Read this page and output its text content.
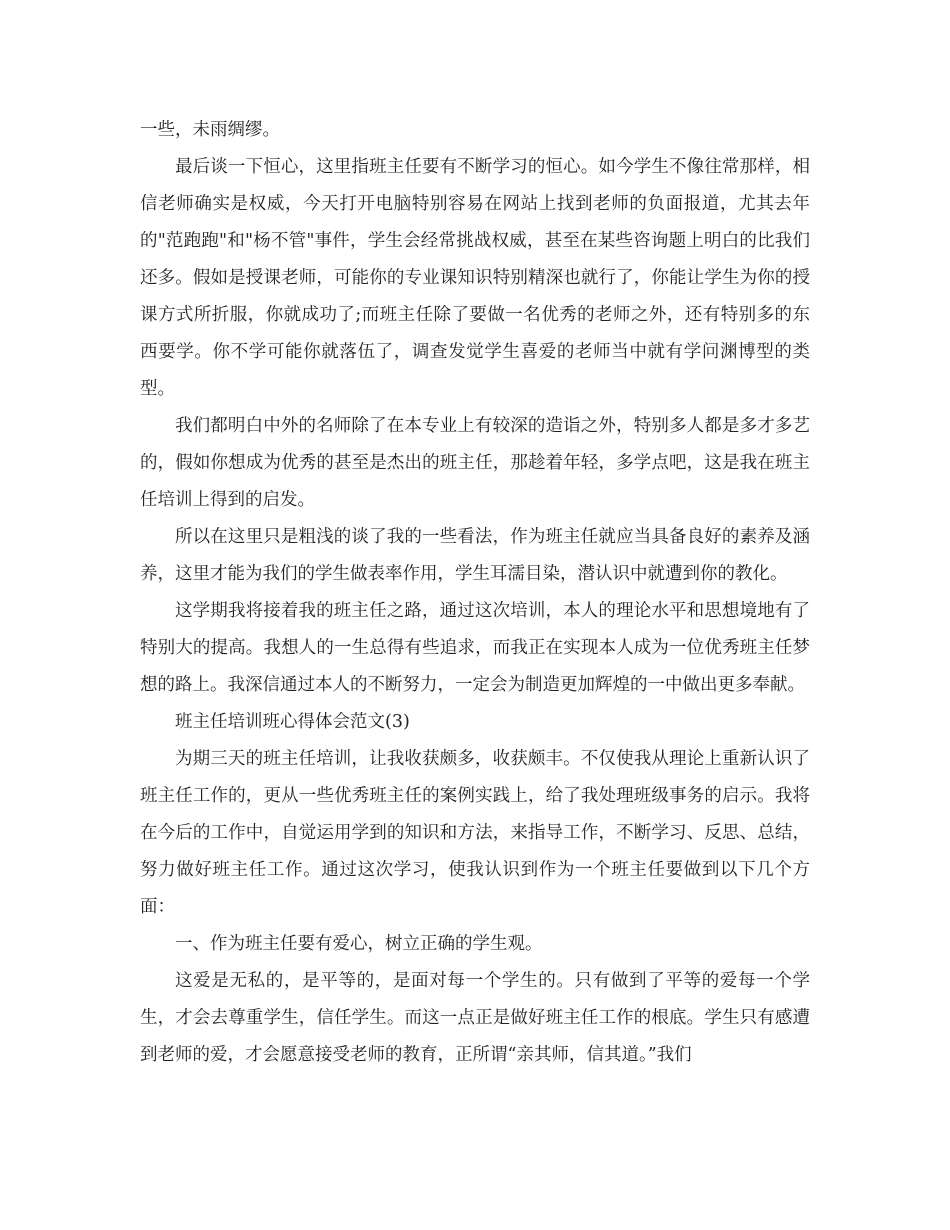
一些，未雨绸缪。

最后谈一下恒心，这里指班主任要有不断学习的恒心。如今学生不像往常那样，相信老师确实是权威，今天打开电脑特别容易在网站上找到老师的负面报道，尤其去年的"范跑跑"和"杨不管"事件，学生会经常挑战权威，甚至在某些咨询题上明白的比我们还多。假如是授课老师，可能你的专业课知识特别精深也就行了，你能让学生为你的授课方式所折服，你就成功了;而班主任除了要做一名优秀的老师之外，还有特别多的东西要学。你不学可能你就落伍了，调查发觉学生喜爱的老师当中就有学问渊博型的类型。

我们都明白中外的名师除了在本专业上有较深的造诣之外，特别多人都是多才多艺的，假如你想成为优秀的甚至是杰出的班主任，那趁着年轻，多学点吧，这是我在班主任培训上得到的启发。

所以在这里只是粗浅的谈了我的一些看法，作为班主任就应当具备良好的素养及涵养，这里才能为我们的学生做表率作用，学生耳濡目染，潜认识中就遭到你的教化。

这学期我将接着我的班主任之路，通过这次培训，本人的理论水平和思想境地有了特别大的提高。我想人的一生总得有些追求，而我正在实现本人成为一位优秀班主任梦想的路上。我深信通过本人的不断努力，一定会为制造更加辉煌的一中做出更多奉献。

班主任培训班心得体会范文(3)

为期三天的班主任培训，让我收获颇多，收获颇丰。不仅使我从理论上重新认识了班主任工作的，更从一些优秀班主任的案例实践上，给了我处理班级事务的启示。我将在今后的工作中，自觉运用学到的知识和方法，来指导工作，不断学习、反思、总结，努力做好班主任工作。通过这次学习，使我认识到作为一个班主任要做到以下几个方面：

一、作为班主任要有爱心，树立正确的学生观。

这爱是无私的，是平等的，是面对每一个学生的。只有做到了平等的爱每一个学生，才会去尊重学生，信任学生。而这一点正是做好班主任工作的根底。学生只有感遭到老师的爱，才会愿意接受老师的教育，正所谓“亲其师，信其道。”我们
